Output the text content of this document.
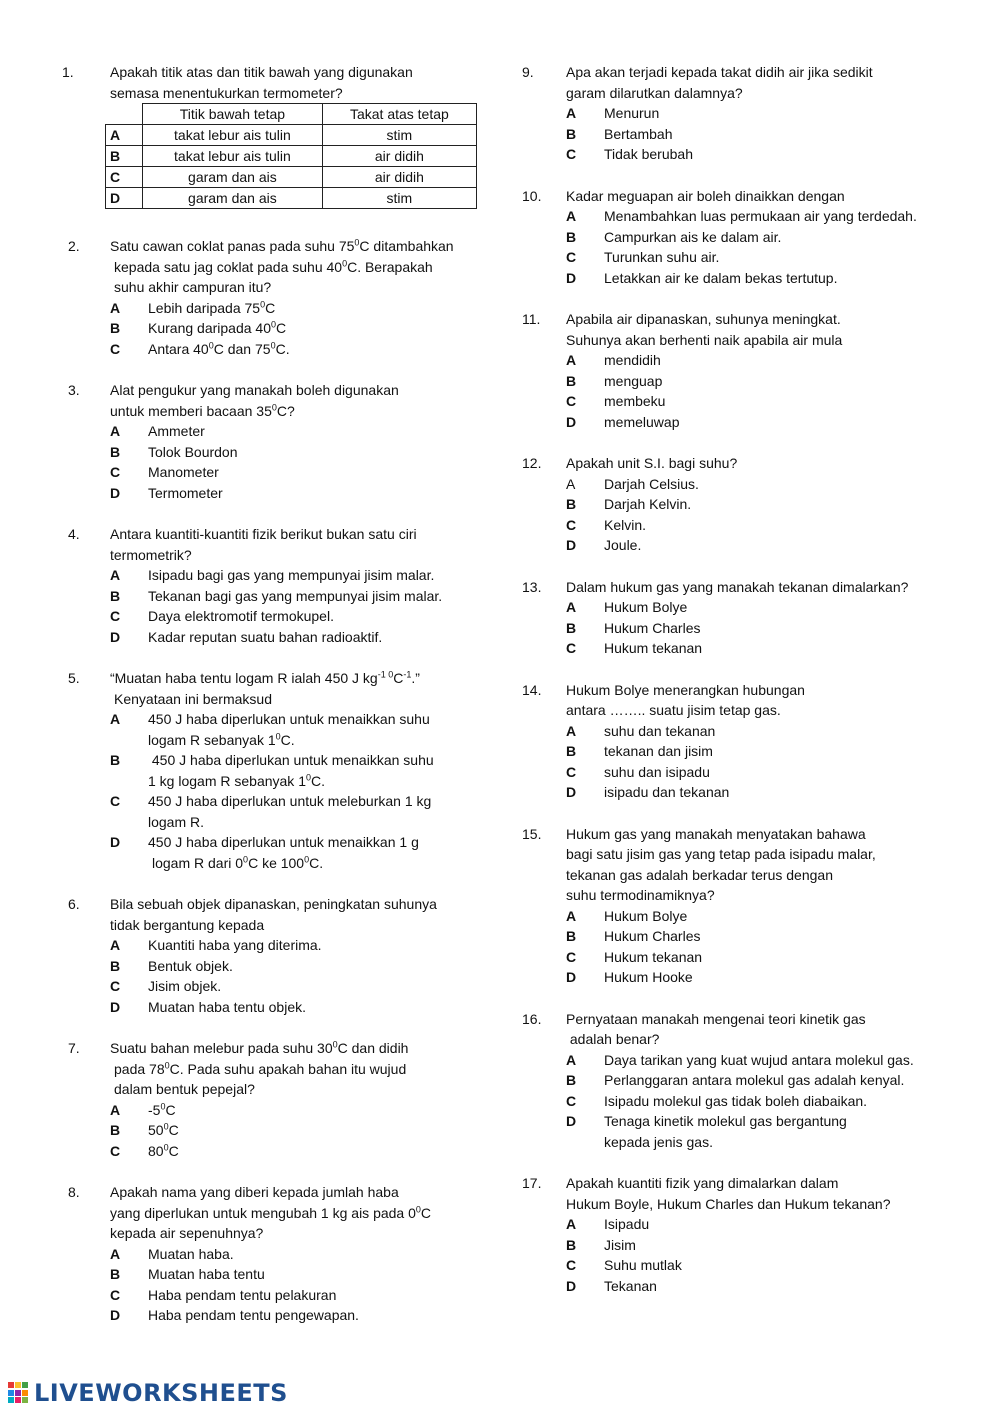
1.	Apakah titik atas dan titik bawah yang digunakan

semasa menentukurkan termometer?

	Titik bawah tetap	Takat atas tetap
A	takat lebur ais tulin	stim
B	takat lebur ais tulin	air didih
C	garam dan ais	air didih
D	garam dan ais	stim
2.	Satu cawan coklat panas pada suhu $75^0C$ ditambahkan

kepada satu jag coklat pada suhu $40^0C$. Berapakah

suhu akhir campuran itu?

A	Lebih daripada $75^0C$
B	Kurang daripada $40^0C$
C	Antara $40^0C$ dan $75^0C$.
3.	Alat pengukur yang manakah boleh digunakan

untuk memberi bacaan $35^0C$?

A	Ammeter
B	Tolok Bourdon
C	Manometer
D	Termometer
4.	Antara kuantiti-kuantiti fizik berikut bukan satu ciri

termometrik?

A	Isipadu bagi gas yang mempunyai jisim malar.
B	Tekanan bagi gas yang mempunyai jisim malar.
C	Daya elektromotif termokupel.
D	Kadar reputan suatu bahan radioaktif.
5.	“Muatan haba tentu logam R ialah 450 J $kg^{-1 0}C^{-1}$.”

Kenyataan ini bermaksud

A	450 J haba diperlukan untuk menaikkan suhu

logam R sebanyak $1^0C$.

B	450 J haba diperlukan untuk menaikkan suhu

1 kg logam R sebanyak $1^0C$.

C	450 J haba diperlukan untuk meleburkan 1 kg

logam R.

D	450 J haba diperlukan untuk menaikkan 1 g

logam R dari $0^0C$ ke $100^0C$.

6.	Bila sebuah objek dipanaskan, peningkatan suhunya

tidak bergantung kepada

A	Kuantiti haba yang diterima.
B	Bentuk objek.
C	Jisim objek.
D	Muatan haba tentu objek.
7.	Suatu bahan melebur pada suhu $30^0C$ dan didih

pada $78^0C$. Pada suhu apakah bahan itu wujud

dalam bentuk pepejal?

A	$-5^0C$
B	$50^0C$
C	$80^0C$
8.	Apakah nama yang diberi kepada jumlah haba

yang diperlukan untuk mengubah 1 kg ais pada $0^0C$

kepada air sepenuhnya?

A	Muatan haba.
B	Muatan haba tentu
C	Haba pendam tentu pelakuran
D	Haba pendam tentu pengewapan.
9.	Apa akan terjadi kepada takat didih air jika sedikit

garam dilarutkan dalamnya?

A	Menurun
B	Bertambah
C	Tidak berubah
10.	Kadar meguapan air boleh dinaikkan dengan

A	Menambahkan luas permukaan air yang terdedah.
B	Campurkan ais ke dalam air.
C	Turunkan suhu air.
D	Letakkan air ke dalam bekas tertutup.
11.	Apabila air dipanaskan, suhunya meningkat.

Suhunya akan berhenti naik apabila air mula

A	mendidih
B	menguap
C	membeku
D	memeluwap
12.	Apakah unit S.I. bagi suhu?

A	Darjah Celsius.
B	Darjah Kelvin.
C	Kelvin.
D	Joule.
13.	Dalam hukum gas yang manakah tekanan dimalarkan?

A	Hukum Bolye
B	Hukum Charles
C	Hukum tekanan
14.	Hukum Bolye menerangkan hubungan

antara …….. suatu jisim tetap gas.

A	suhu dan tekanan
B	tekanan dan jisim
C	suhu dan isipadu
D	isipadu dan tekanan
15.	Hukum gas yang manakah menyatakan bahawa

bagi satu jisim gas yang tetap pada isipadu malar,

tekanan gas adalah berkadar terus dengan

suhu termodinamiknya?

A	Hukum Bolye
B	Hukum Charles
C	Hukum tekanan
D	Hukum Hooke
16.	Pernyataan manakah mengenai teori kinetik gas

adalah benar?

A	Daya tarikan yang kuat wujud antara molekul gas.
B	Perlanggaran antara molekul gas adalah kenyal.
C	Isipadu molekul gas tidak boleh diabaikan.
D	Tenaga kinetik molekul gas bergantung

kepada jenis gas.

17.	Apakah kuantiti fizik yang dimalarkan dalam

Hukum Boyle, Hukum Charles dan Hukum tekanan?

A	Isipadu
B	Jisim
C	Suhu mutlak
D	Tekanan
LIVEWORKSHEETS
